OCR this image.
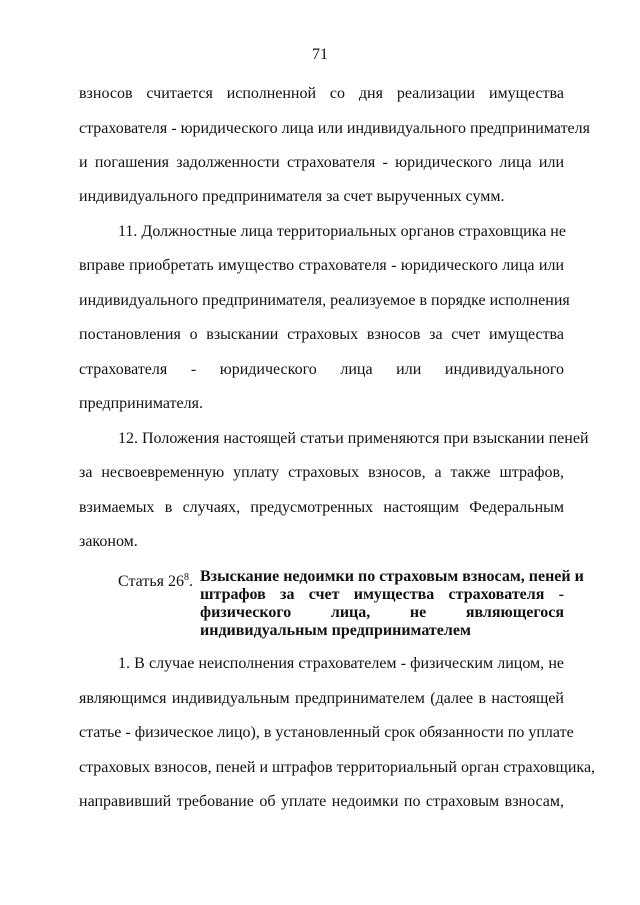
71
взносов считается исполненной со дня реализации имущества
страхователя - юридического лица или индивидуального предпринимателя
и погашения задолженности страхователя - юридического лица или
индивидуального предпринимателя за счет вырученных сумм.
11. Должностные лица территориальных органов страховщика не
вправе приобретать имущество страхователя - юридического лица или
индивидуального предпринимателя, реализуемое в порядке исполнения
постановления о взыскании страховых взносов за счет имущества
страхователя - юридического лица или индивидуального
предпринимателя.
12. Положения настоящей статьи применяются при взыскании пеней
за несвоевременную уплату страховых взносов, а также штрафов,
взимаемых в случаях, предусмотренных настоящим Федеральным
законом.
Статья $26^8$. Взыскание недоимки по страховым взносам, пеней и
штрафов за счет имущества страхователя -
физического лица, не являющегося
индивидуальным предпринимателем
1. В случае неисполнения страхователем - физическим лицом, не
являющимся индивидуальным предпринимателем (далее в настоящей
статье - физическое лицо), в установленный срок обязанности по уплате
страховых взносов, пеней и штрафов территориальный орган страховщика,
направивший требование об уплате недоимки по страховым взносам,
